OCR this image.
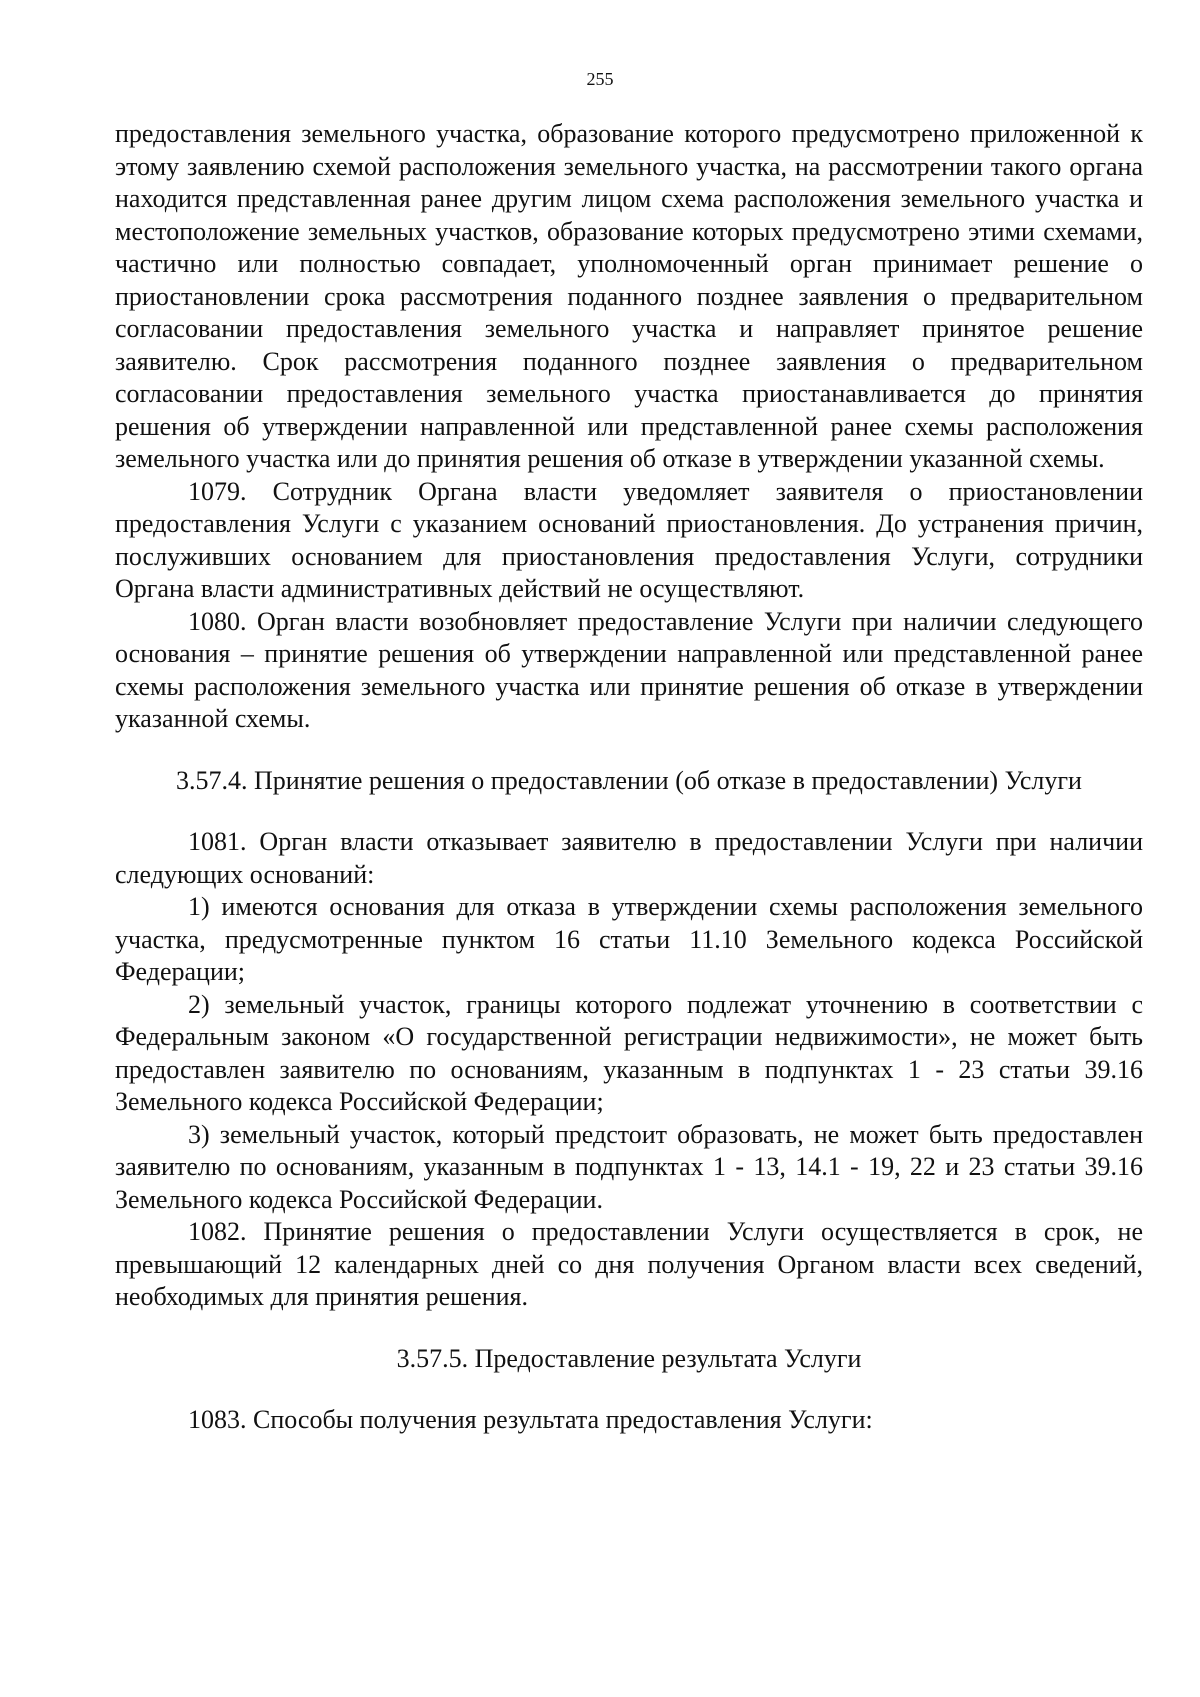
255

предоставления земельного участка, образование которого предусмотрено приложенной к этому заявлению схемой расположения земельного участка, на рассмотрении такого органа находится представленная ранее другим лицом схема расположения земельного участка и местоположение земельных участков, образование которых предусмотрено этими схемами, частично или полностью совпадает, уполномоченный орган принимает решение о приостановлении срока рассмотрения поданного позднее заявления о предварительном согласовании предоставления земельного участка и направляет принятое решение заявителю. Срок рассмотрения поданного позднее заявления о предварительном согласовании предоставления земельного участка приостанавливается до принятия решения об утверждении направленной или представленной ранее схемы расположения земельного участка или до принятия решения об отказе в утверждении указанной схемы.

1079. Сотрудник Органа власти уведомляет заявителя о приостановлении предоставления Услуги с указанием оснований приостановления. До устранения причин, послуживших основанием для приостановления предоставления Услуги, сотрудники Органа власти административных действий не осуществляют.

1080. Орган власти возобновляет предоставление Услуги при наличии следующего основания – принятие решения об утверждении направленной или представленной ранее схемы расположения земельного участка или принятие решения об отказе в утверждении указанной схемы.

3.57.4. Принятие решения о предоставлении (об отказе в предоставлении) Услуги

1081. Орган власти отказывает заявителю в предоставлении Услуги при наличии следующих оснований:

1) имеются основания для отказа в утверждении схемы расположения земельного участка, предусмотренные пунктом 16 статьи 11.10 Земельного кодекса Российской Федерации;

2) земельный участок, границы которого подлежат уточнению в соответствии с Федеральным законом «О государственной регистрации недвижимости», не может быть предоставлен заявителю по основаниям, указанным в подпунктах 1 - 23 статьи 39.16 Земельного кодекса Российской Федерации;

3) земельный участок, который предстоит образовать, не может быть предоставлен заявителю по основаниям, указанным в подпунктах 1 - 13, 14.1 - 19, 22 и 23 статьи 39.16 Земельного кодекса Российской Федерации.

1082. Принятие решения о предоставлении Услуги осуществляется в срок, не превышающий 12 календарных дней со дня получения Органом власти всех сведений, необходимых для принятия решения.

3.57.5. Предоставление результата Услуги

1083. Способы получения результата предоставления Услуги:
